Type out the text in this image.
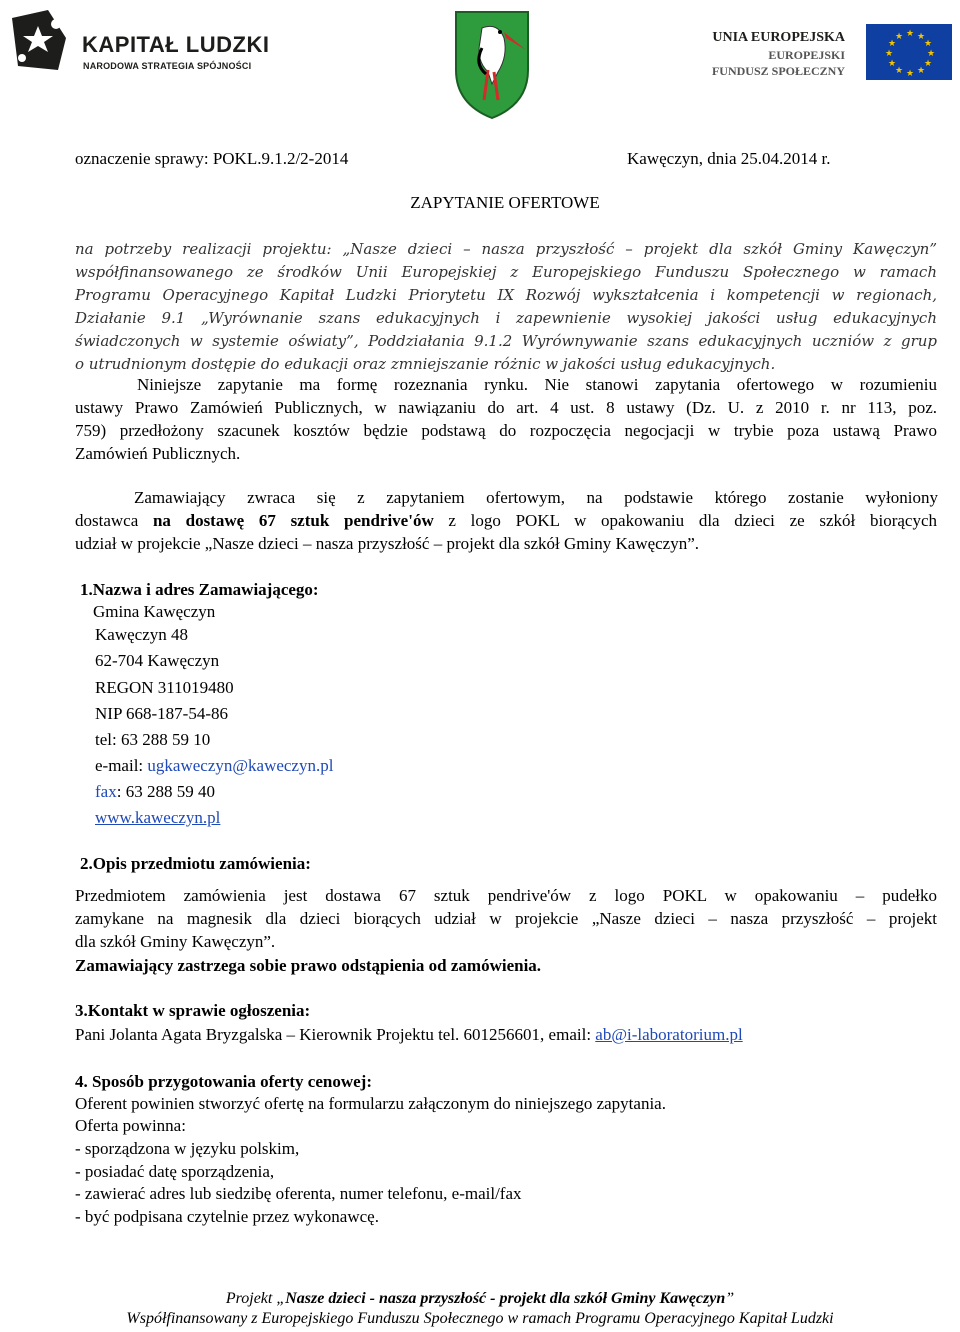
KAPITAŁ LUDZKI
NARODOWA STRATEGIA SPÓJNOŚCI
UNIA EUROPEJSKA
EUROPEJSKI
FUNDUSZ SPOŁECZNY
★ ★
★
★
★
★
★
★
★
★
★
★
oznaczenie sprawy: POKL.9.1.2/2-2014	Kawęczyn, dnia 25.04.2014 r.
ZAPYTANIE OFERTOWE
na potrzeby realizacji projektu: „Nasze dzieci – nasza przyszłość – projekt dla szkół Gminy Kawęczyn”
współfinansowanego ze środków Unii Europejskiej z Europejskiego Funduszu Społecznego w ramach
Programu Operacyjnego Kapitał Ludzki Priorytetu IX Rozwój wykształcenia i kompetencji w regionach,
Działanie 9.1 „Wyrównanie szans edukacyjnych i zapewnienie wysokiej jakości usług edukacyjnych
świadczonych w systemie oświaty”, Poddziałania 9.1.2 Wyrównywanie szans edukacyjnych uczniów z grup
o utrudnionym dostępie do edukacji oraz zmniejszanie różnic w jakości usług edukacyjnych.
Niniejsze zapytanie ma formę rozeznania rynku. Nie stanowi zapytania ofertowego w rozumieniu
ustawy Prawo Zamówień Publicznych, w nawiązaniu do art. 4 ust. 8 ustawy (Dz. U. z 2010 r. nr 113, poz.
759) przedłożony szacunek kosztów będzie podstawą do rozpoczęcia negocjacji w trybie poza ustawą Prawo
Zamówień Publicznych.
Zamawiający zwraca się z zapytaniem ofertowym, na podstawie którego zostanie wyłoniony
dostawca na dostawę 67 sztuk pendrive'ów z logo POKL w opakowaniu dla dzieci ze szkół biorących
udział w projekcie „Nasze dzieci – nasza przyszłość – projekt dla szkół Gminy Kawęczyn”.
1.Nazwa i adres Zamawiającego:
Gmina Kawęczyn
Kawęczyn 48
62-704 Kawęczyn
REGON 311019480
NIP 668-187-54-86
tel: 63 288 59 10
e-mail: ugkaweczyn@kaweczyn.pl
fax: 63 288 59 40
www.kaweczyn.pl
2.Opis przedmiotu zamówienia:
Przedmiotem zamówienia jest dostawa 67 sztuk pendrive'ów z logo POKL w opakowaniu – pudełko
zamykane na magnesik dla dzieci biorących udział w projekcie „Nasze dzieci – nasza przyszłość – projekt
dla szkół Gminy Kawęczyn”.
Zamawiający zastrzega sobie prawo odstąpienia od zamówienia.
3.Kontakt w sprawie ogłoszenia:
Pani Jolanta Agata Bryzgalska – Kierownik Projektu tel. 601256601, email: ab@i-laboratorium.pl
4. Sposób przygotowania oferty cenowej:
Oferent powinien stworzyć ofertę na formularzu załączonym do niniejszego zapytania.
Oferta powinna:
- sporządzona w języku polskim,
- posiadać datę sporządzenia,
- zawierać adres lub siedzibę oferenta, numer telefonu, e-mail/fax
- być podpisana czytelnie przez wykonawcę.
Projekt „Nasze dzieci - nasza przyszłość - projekt dla szkół Gminy Kawęczyn”
Współfinansowany z Europejskiego Funduszu Społecznego w ramach Programu Operacyjnego Kapitał Ludzki
